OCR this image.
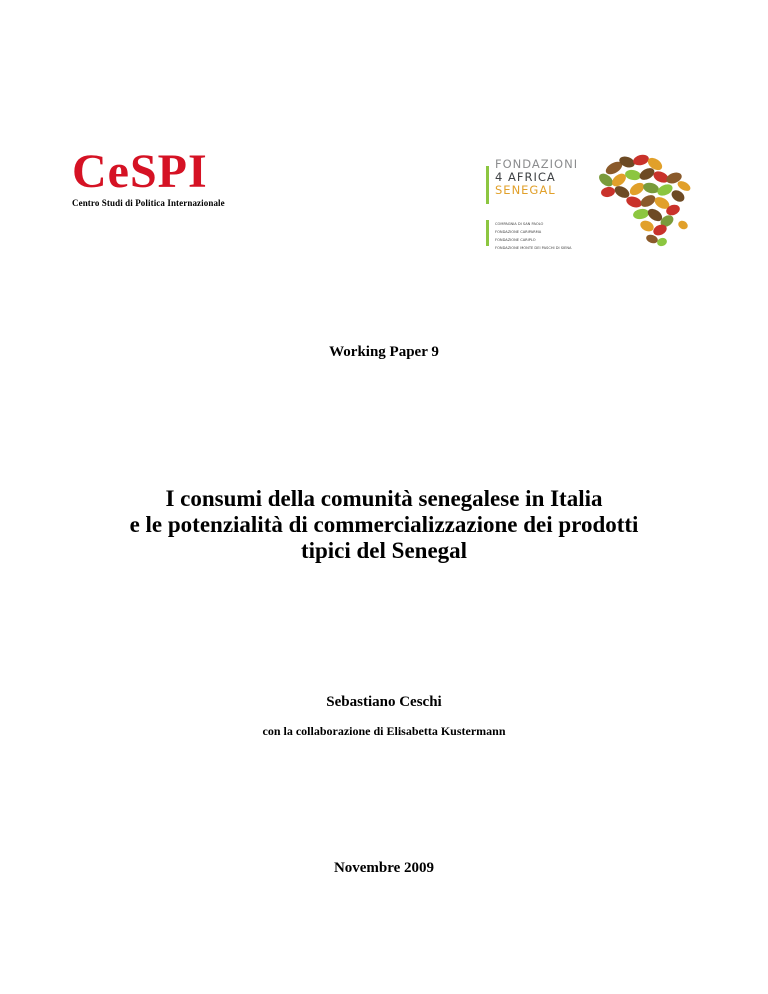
CeSPI
Centro Studi di Politica Internazionale
FONDAZIONI
4 AFRICA
SENEGAL
COMPAGNIA DI SAN PAOLO
FONDAZIONE CARIPARMA
FONDAZIONE CARIPLO
FONDAZIONE MONTE DEI PASCHI DI SIENA
Working Paper 9
I consumi della comunità senegalese in Italia
e le potenzialità di commercializzazione dei prodotti
tipici del Senegal
Sebastiano Ceschi
con la collaborazione di Elisabetta Kustermann
Novembre 2009
